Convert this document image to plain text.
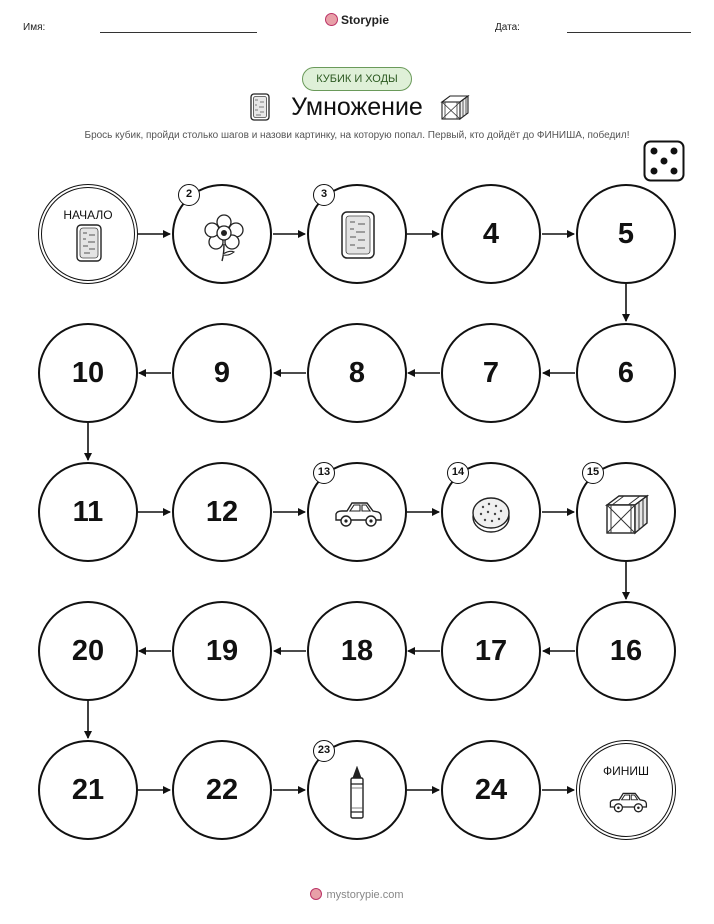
Имя:
Storypie
Дата:
КУБИК И ХОДЫ
Умножение
Брось кубик, пройди столько шагов и назови картинку, на которую попал. Первый, кто дойдёт до ФИНИША, победил!
НАЧАЛО
2	3
4	5
10	9	8	7	6
11	12
13	14	15
20	19	18	17	16
21	22
23
24
ФИНИШ
mystorypie.com
